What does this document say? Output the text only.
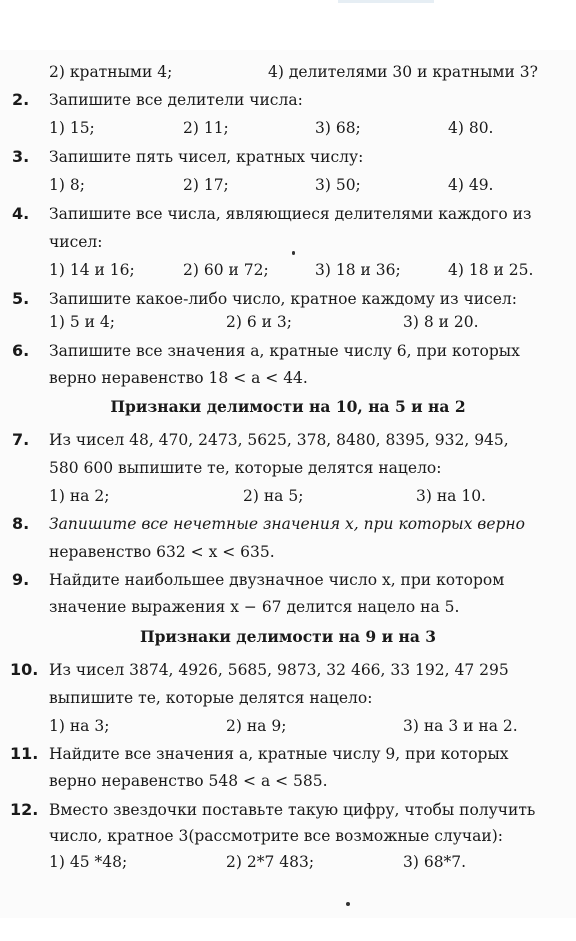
2) кратными 4;	4) делителями 30 и кратными 3?
2. Запишите все делители числа:
1) 15;	2) 11;	3) 68;	4) 80.
3. Запишите пять чисел, кратных числу:
1) 8;	2) 17;	3) 50;	4) 49.
4. Запишите все числа, являющиеся делителями каждого из
чисел:
1) 14 и 16;	2) 60 и 72;	3) 18 и 36;	4) 18 и 25.
5. Запишите какое-либо число, кратное каждому из чисел:
1) 5 и 4;	2) 6 и 3;	3) 8 и 20.
6. Запишите все значения a, кратные числу 6, при которых
верно неравенство 18 < a < 44.
Признаки делимости на 10, на 5 и на 2
7. Из чисел 48, 470, 2473, 5625, 378, 8480, 8395, 932, 945,
580 600 выпишите те, которые делятся нацело:
1) на 2;	2) на 5;	3) на 10.
8. Запишите все нечетные значения x, при которых верно
неравенство 632 < x < 635.
9. Найдите наибольшее двузначное число x, при котором
значение выражения x − 67 делится нацело на 5.
Признаки делимости на 9 и на 3
10. Из чисел 3874, 4926, 5685, 9873, 32 466, 33 192, 47 295
выпишите те, которые делятся нацело:
1) на 3;	2) на 9;	3) на 3 и на 2.
11. Найдите все значения a, кратные числу 9, при которых
верно неравенство 548 < a < 585.
12. Вместо звездочки поставьте такую цифру, чтобы получить
число, кратное 3(рассмотрите все возможные случаи):
1) 45 *48;	2) 2*7 483;	3) 68*7.
